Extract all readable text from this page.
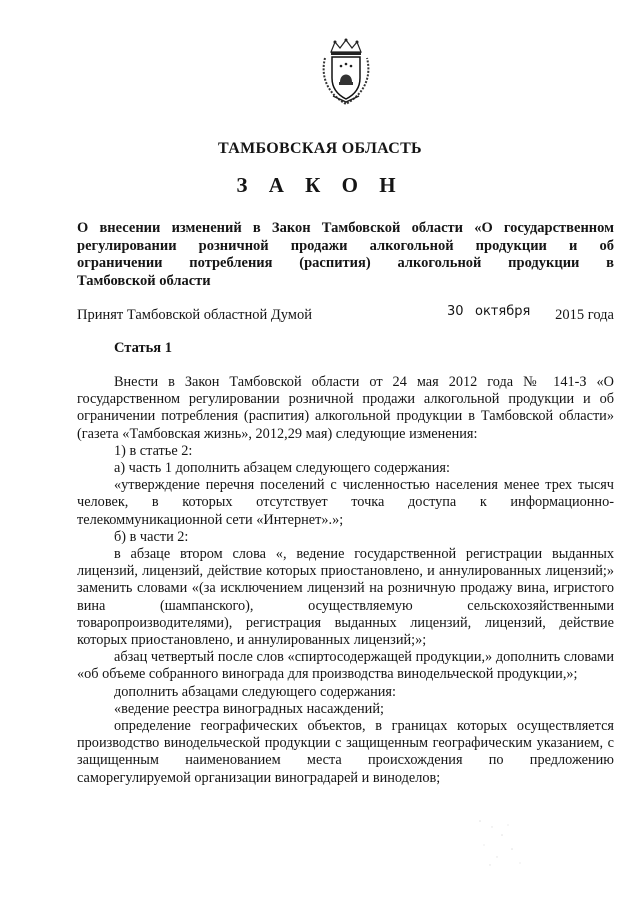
ТАМБОВСКАЯ ОБЛАСТЬ
З А К О Н
О внесении изменений в Закон Тамбовской области «О государственном
регулировании розничной продажи алкогольной продукции и об
ограничении потребления (распития) алкогольной продукции в
Тамбовской области
Принят Тамбовской областной Думой	30 октября 2015 года
Статья 1

Внести в Закон Тамбовской области от 24 мая 2012 года № 141-З «О государственном регулировании розничной продажи алкогольной продукции и об ограничении потребления (распития) алкогольной продукции в Тамбовской области» (газета «Тамбовская жизнь», 2012,29 мая) следующие изменения:

1) в статье 2:

а) часть 1 дополнить абзацем следующего содержания:

«утверждение перечня поселений с численностью населения менее трех тысяч человек, в которых отсутствует точка доступа к информационно-телекоммуникационной сети «Интернет».»;

б) в части 2:

в абзаце втором слова «, ведение государственной регистрации выданных лицензий, лицензий, действие которых приостановлено, и аннулированных лицензий;» заменить словами «(за исключением лицензий на розничную продажу вина, игристого вина (шампанского), осуществляемую сельскохозяйственными товаропроизводителями), регистрация выданных лицензий, лицензий, действие которых приостановлено, и аннулированных лицензий;»;

абзац четвертый после слов «спиртосодержащей продукции,» дополнить словами «об объеме собранного винограда для производства винодельческой продукции,»;

дополнить абзацами следующего содержания:

«ведение реестра виноградных насаждений;

определение географических объектов, в границах которых осуществляется производство винодельческой продукции с защищенным географическим указанием, с защищенным наименованием места происхождения по предложению саморегулируемой организации виноградарей и виноделов;
